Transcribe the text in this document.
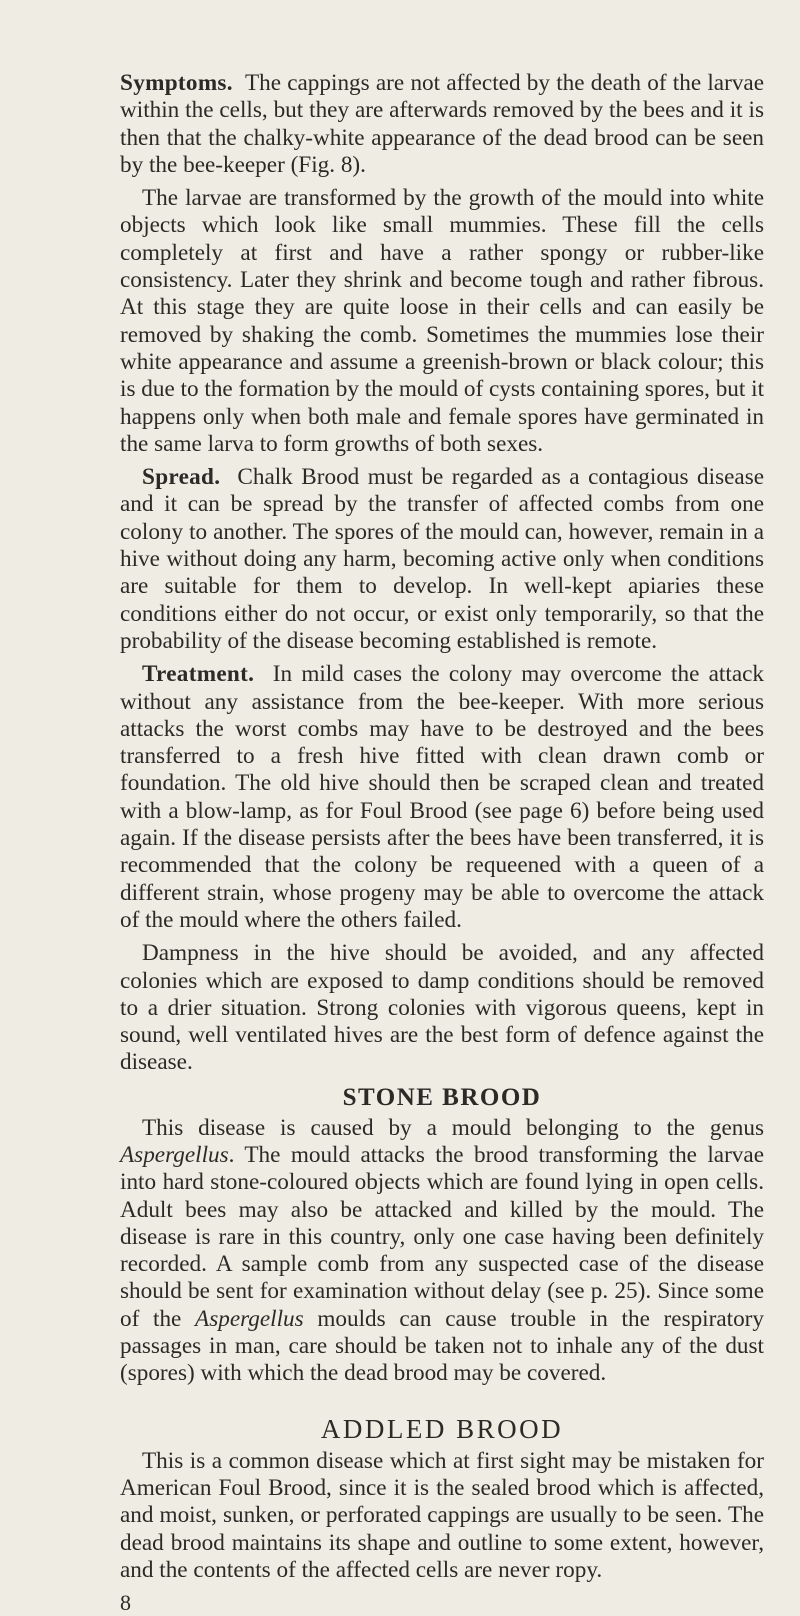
Symptoms. The cappings are not affected by the death of the larvae within the cells, but they are afterwards removed by the bees and it is then that the chalky-white appearance of the dead brood can be seen by the bee-keeper (Fig. 8).

The larvae are transformed by the growth of the mould into white objects which look like small mummies. These fill the cells completely at first and have a rather spongy or rubber-like consistency. Later they shrink and become tough and rather fibrous. At this stage they are quite loose in their cells and can easily be removed by shaking the comb. Sometimes the mummies lose their white appearance and assume a greenish-brown or black colour; this is due to the formation by the mould of cysts containing spores, but it happens only when both male and female spores have germinated in the same larva to form growths of both sexes.

Spread. Chalk Brood must be regarded as a contagious disease and it can be spread by the transfer of affected combs from one colony to another. The spores of the mould can, however, remain in a hive without doing any harm, becoming active only when conditions are suitable for them to develop. In well-kept apiaries these conditions either do not occur, or exist only temporarily, so that the probability of the disease becoming established is remote.

Treatment. In mild cases the colony may overcome the attack without any assistance from the bee-keeper. With more serious attacks the worst combs may have to be destroyed and the bees transferred to a fresh hive fitted with clean drawn comb or foundation. The old hive should then be scraped clean and treated with a blow-lamp, as for Foul Brood (see page 6) before being used again. If the disease persists after the bees have been transferred, it is recommended that the colony be requeened with a queen of a different strain, whose progeny may be able to overcome the attack of the mould where the others failed.

Dampness in the hive should be avoided, and any affected colonies which are exposed to damp conditions should be removed to a drier situation. Strong colonies with vigorous queens, kept in sound, well ventilated hives are the best form of defence against the disease.

STONE BROOD

This disease is caused by a mould belonging to the genus Aspergellus. The mould attacks the brood transforming the larvae into hard stone-coloured objects which are found lying in open cells. Adult bees may also be attacked and killed by the mould. The disease is rare in this country, only one case having been definitely recorded. A sample comb from any suspected case of the disease should be sent for examination without delay (see p. 25). Since some of the Aspergellus moulds can cause trouble in the respiratory passages in man, care should be taken not to inhale any of the dust (spores) with which the dead brood may be covered.

ADDLED BROOD

This is a common disease which at first sight may be mistaken for American Foul Brood, since it is the sealed brood which is affected, and moist, sunken, or perforated cappings are usually to be seen. The dead brood maintains its shape and outline to some extent, however, and the contents of the affected cells are never ropy.

8
